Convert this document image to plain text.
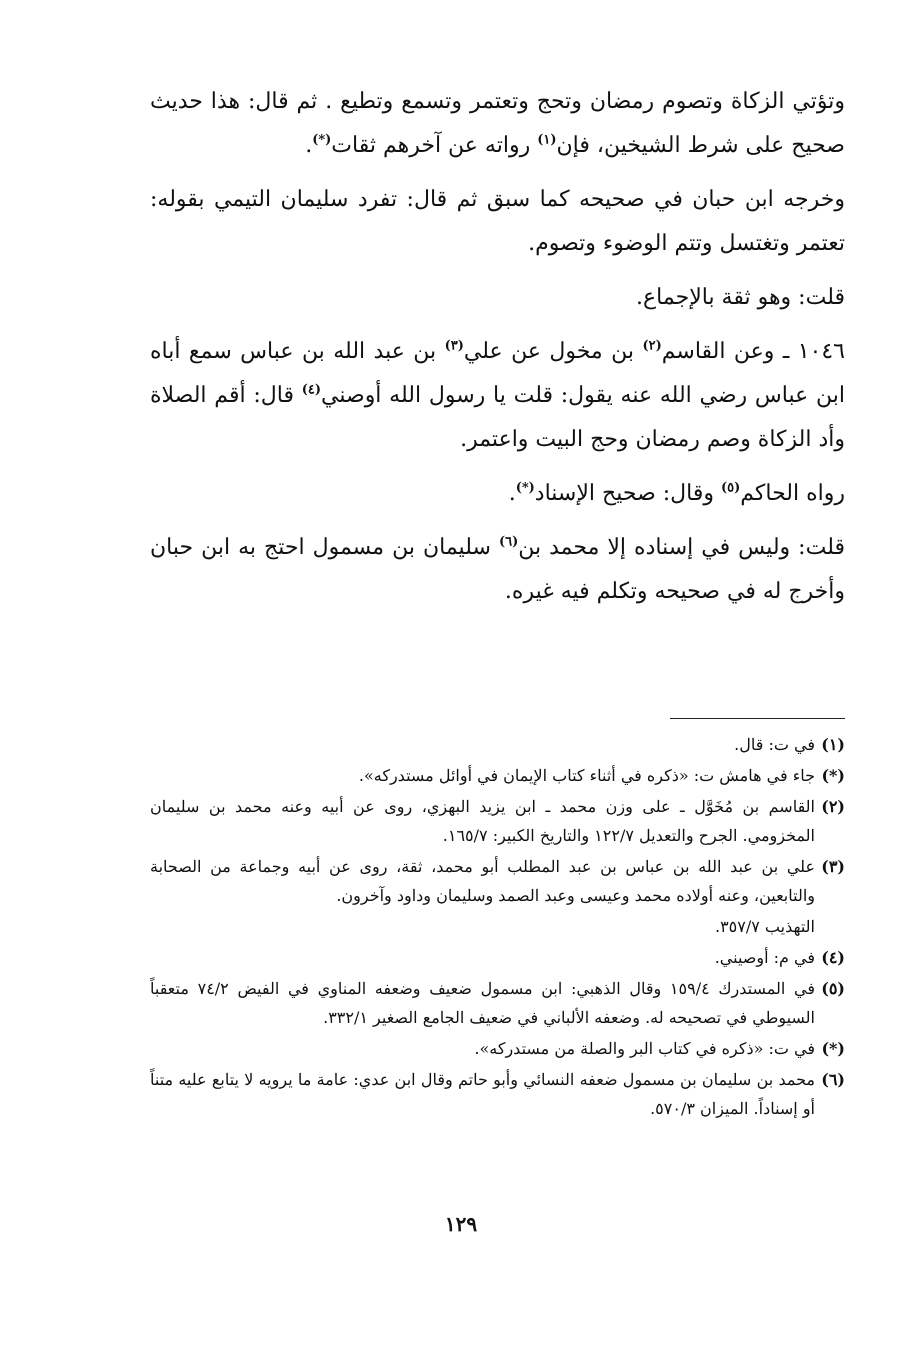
وتؤتي الزكاة وتصوم رمضان وتحج وتعتمر وتسمع وتطيع . ثم قال: هذا حديث صحيح على شرط الشيخين، فإن$^{(١)}$ رواته عن آخرهم ثقات(*).

وخرجه ابن حبان في صحيحه كما سبق ثم قال: تفرد سليمان التيمي بقوله: تعتمر وتغتسل وتتم الوضوء وتصوم.

قلت: وهو ثقة بالإجماع.

١٠٤٦ ـ وعن القاسم$^{(٢)}$ بن مخول عن علي$^{(٣)}$ بن عبد الله بن عباس سمع أباه ابن عباس رضي الله عنه يقول: قلت يا رسول الله أوصني$^{(٤)}$ قال: أقم الصلاة وأد الزكاة وصم رمضان وحج البيت واعتمر.

رواه الحاكم$^{(٥)}$ وقال: صحيح الإسناد(*).

قلت: وليس في إسناده إلا محمد بن$^{(٦)}$ سليمان بن مسمول احتج به ابن حبان وأخرج له في صحيحه وتكلم فيه غيره.

(١)
في ت: قال.
(*)
جاء في هامش ت: «ذكره في أثناء كتاب الإيمان في أوائل مستدركه».
(٢)
القاسم بن مُخَوَّل ـ على وزن محمد ـ ابن يزيد البهزي، روى عن أبيه وعنه محمد بن سليمان المخزومي. الجرح والتعديل ١٢٢/٧ والتاريخ الكبير: ١٦٥/٧.
(٣)
علي بن عبد الله بن عباس بن عبد المطلب أبو محمد، ثقة، روى عن أبيه وجماعة من الصحابة والتابعين، وعنه أولاده محمد وعيسى وعبد الصمد وسليمان وداود وآخرون.
التهذيب ٣٥٧/٧.
(٤)
في م: أوصيني.
(٥)
في المستدرك ١٥٩/٤ وقال الذهبي: ابن مسمول ضعيف وضعفه المناوي في الفيض ٧٤/٢ متعقباً السيوطي في تصحيحه له. وضعفه الألباني في ضعيف الجامع الصغير ٣٣٢/١.
(*)
في ت: «ذكره في كتاب البر والصلة من مستدركه».
(٦)
محمد بن سليمان بن مسمول ضعفه النسائي وأبو حاتم وقال ابن عدي: عامة ما يرويه لا يتابع عليه متناً أو إسناداً. الميزان ٥٧٠/٣.
١٢٩
